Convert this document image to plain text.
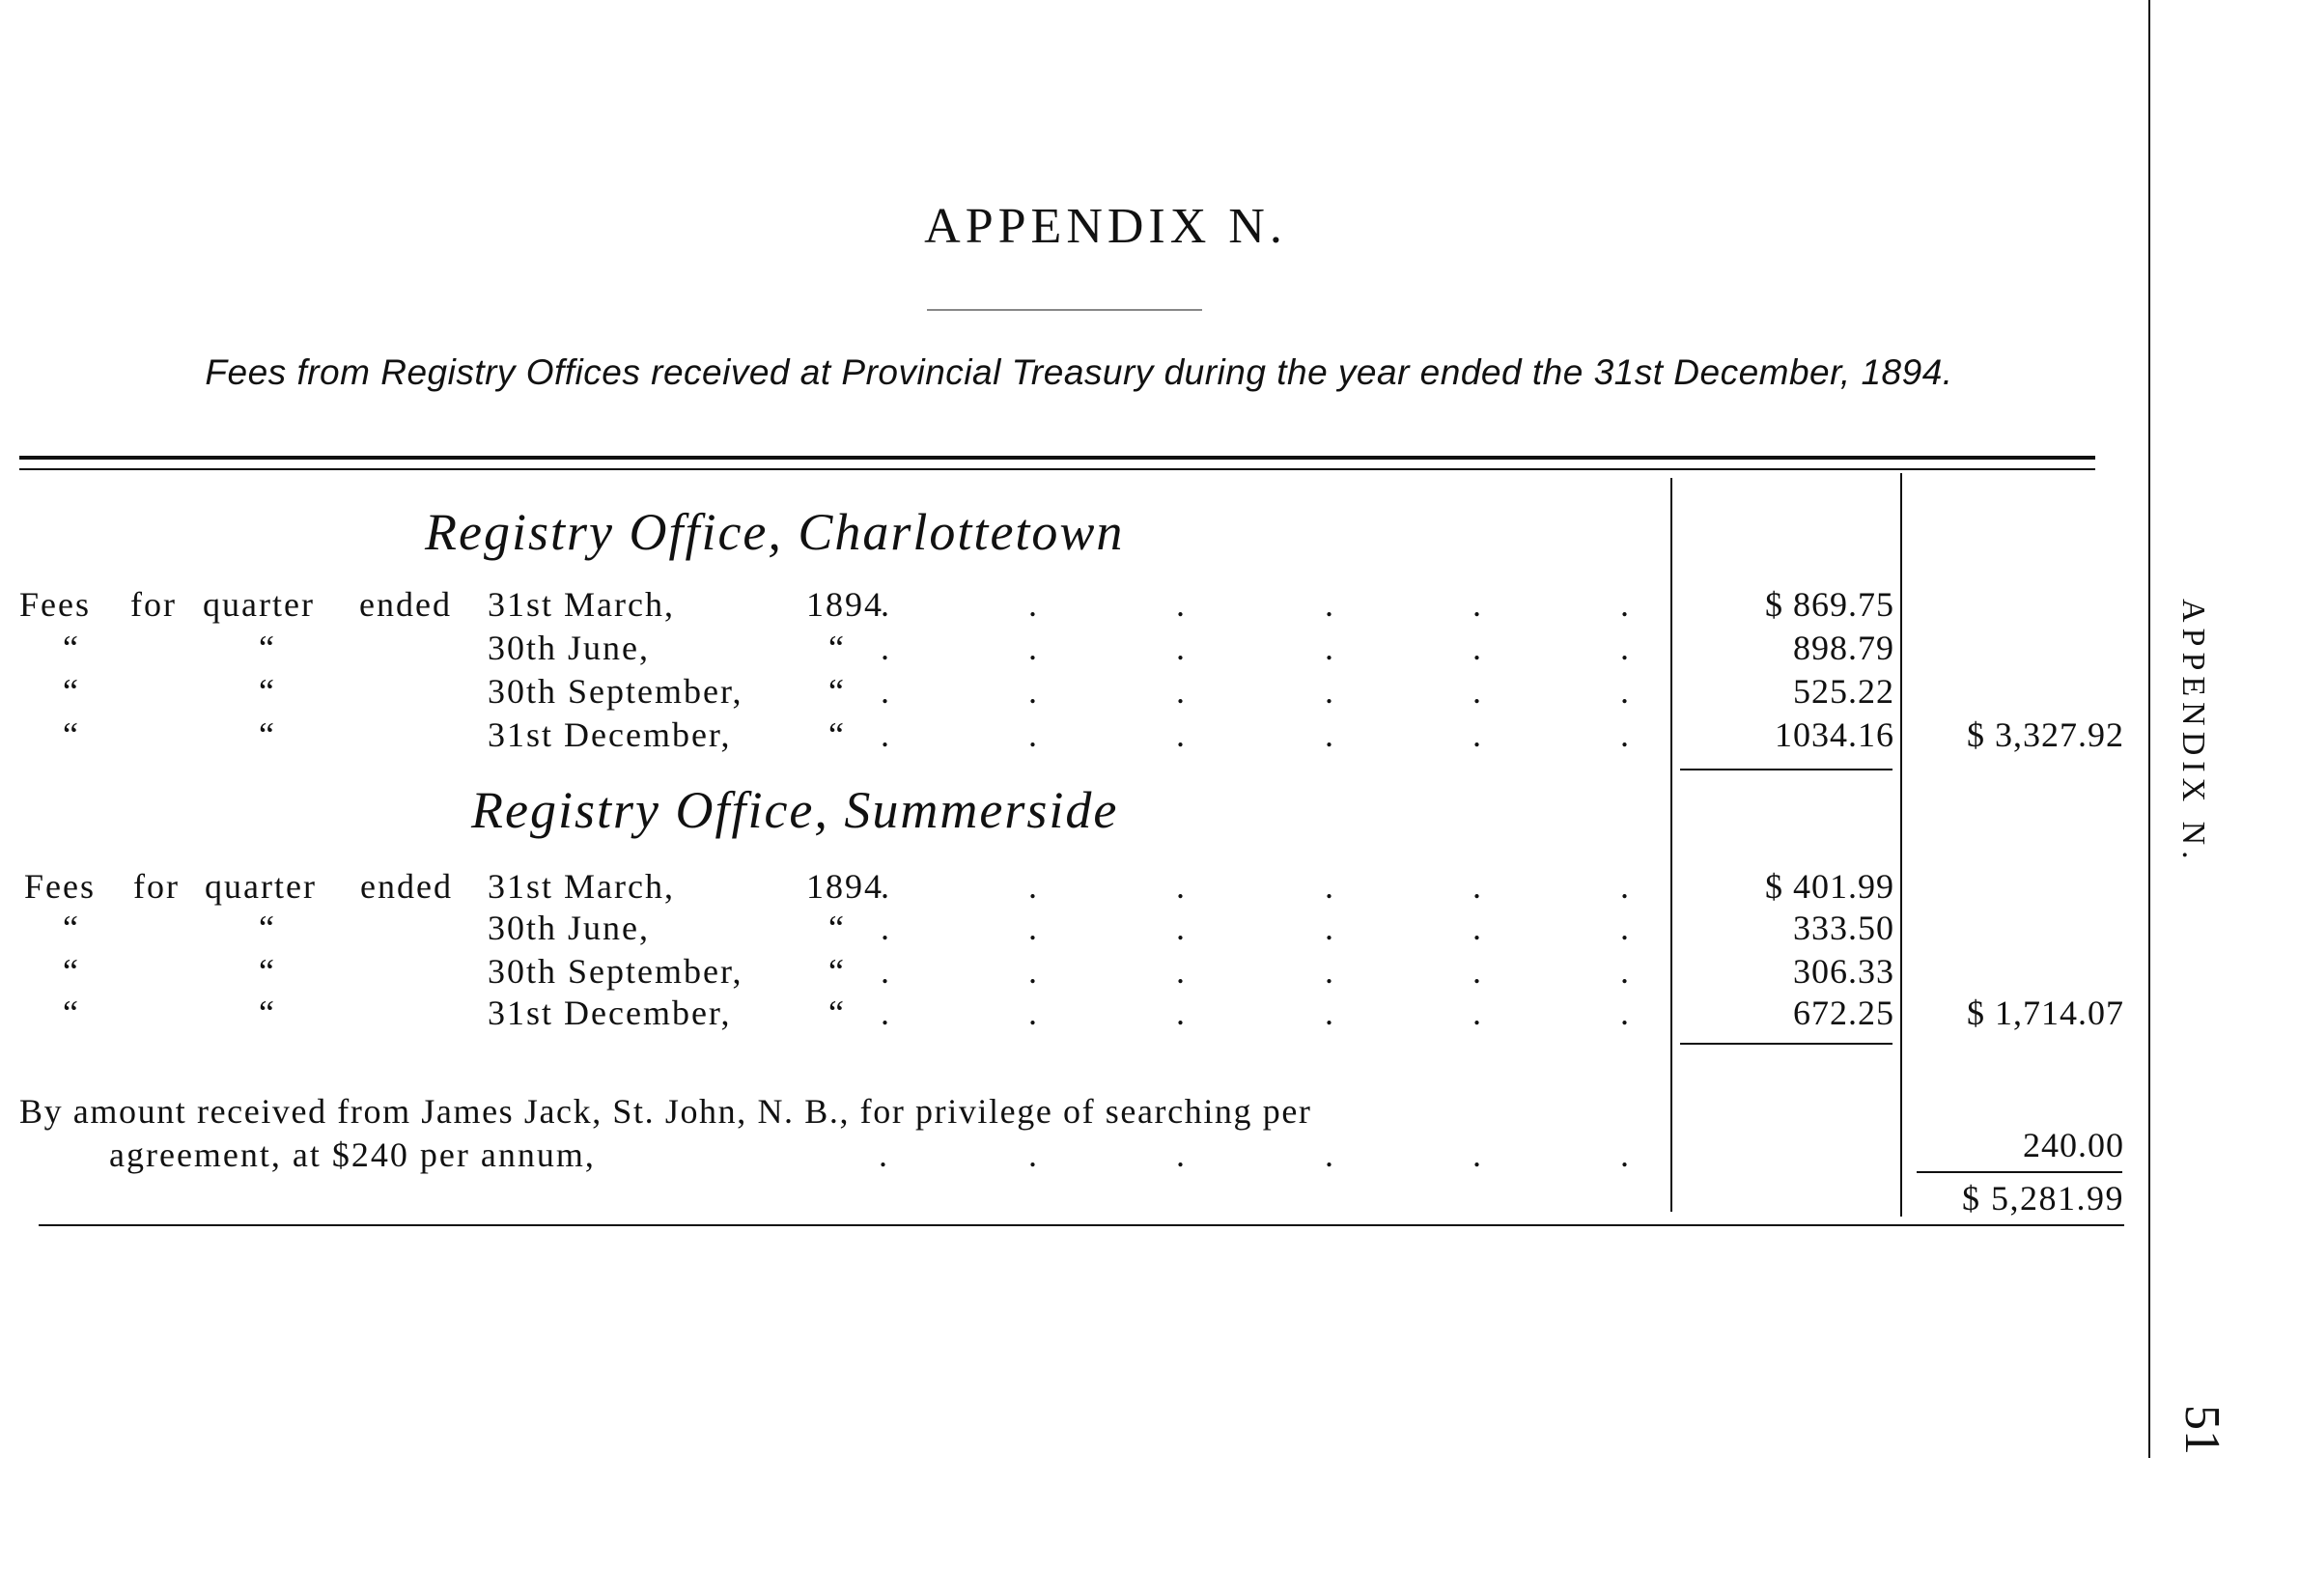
APPENDIX N.
Fees from Registry Offices received at Provincial Treasury during the year ended the 31st December, 1894.
Registry Office, Charlottetown
Fees for quarter ended 31st March,	1894	$ 869.75
“	“	30th June,	“	898.79
“	“	30th September, “	525.22
“	“	31st December,	“	1034.16	$ 3,327.92
Registry Office, Summerside
Fees for quarter ended 31st March,	1894	$ 401.99
“	“	30th June,	“	333.50
“	“	30th September, “	306.33
“	“	31st December,	“	672.25	$ 1,714.07
By amount received from James Jack, St. John, N. B., for privilege of searching per
agreement, at $240 per annum,	240.00
$ 5,281.99
APPENDIX N.
51
.	.	.	.	.	.
.	.	.	.	.	.
.	.	.	.	.	.
.	.	.	.	.	.
.	.	.	.	.	.
.	.	.	.	.	.
.	.	.	.	.	.
.	.	.	.	.	.
.	.	.	.	.	.
